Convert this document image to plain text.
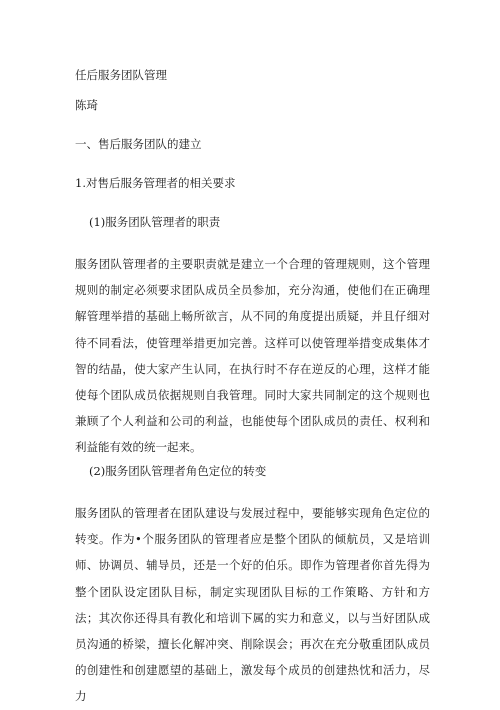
任后服务团队管理
陈琦
一、售后服务团队的建立
1.对售后服务管理者的相关要求
(1)服务团队管理者的职责
服务团队管理者的主要职责就是建立一个合理的管理规则，这个管理规则的制定必须要求团队成员全员参加，充分沟通，使他们在正确理解管理举措的基础上畅所欲言，从不同的角度提出质疑，并且仔细对待不同看法，使管理举措更加完善。这样可以使管理举措变成集体才智的结晶，使大家产生认同，在执行时不存在逆反的心理，这样才能使每个团队成员依据规则自我管理。同时大家共同制定的这个规则也兼顾了个人利益和公司的利益，也能使每个团队成员的责任、权利和利益能有效的统一起来。
(2)服务团队管理者角色定位的转变
服务团队的管理者在团队建设与发展过程中，要能够实现角色定位的转变。作为•个服务团队的管理者应是整个团队的倾航员，又是培训师、协调员、辅导员，还是一个好的伯乐。即作为管理者你首先得为整个团队设定团队目标，制定实现团队目标的工作策略、方针和方法；其次你还得具有教化和培训下属的实力和意义，以与当好团队成员沟通的桥梁，擅长化解冲突、削除误会；再次在充分敬重团队成员的创建性和创建愿望的基础上，激发每个成员的创建热忱和活力，尽力
